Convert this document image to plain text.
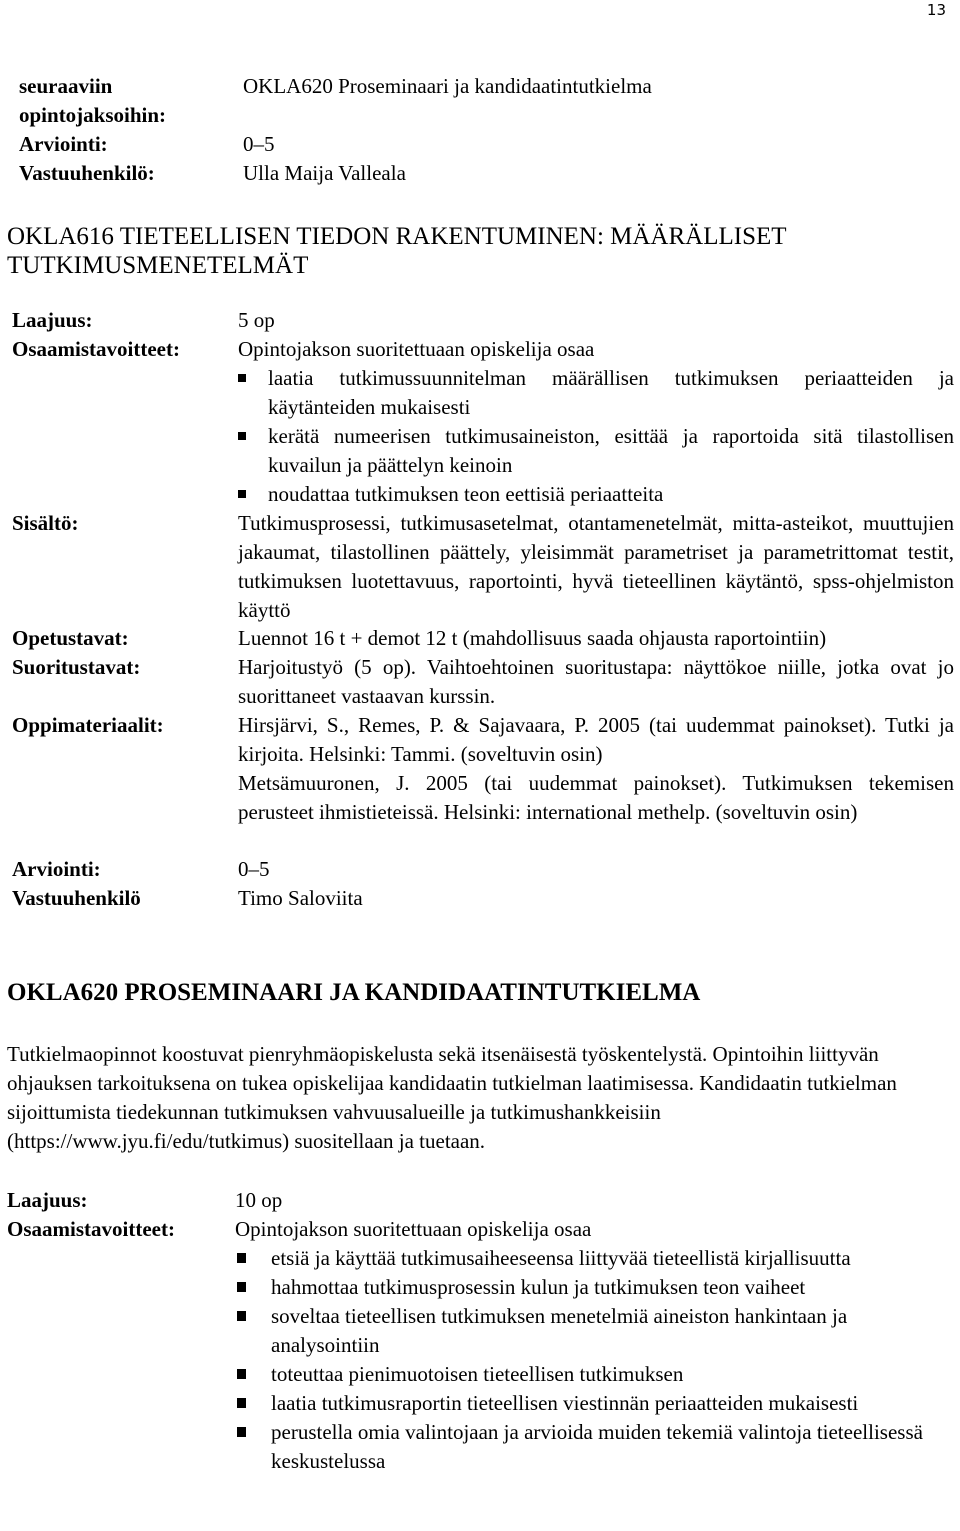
13
seuraaviin opintojaksoihin:
OKLA620 Proseminaari ja kandidaatintutkielma
Arviointi:	0–5
Vastuuhenkilö:	Ulla Maija Valleala
OKLA616 TIETEELLISEN TIEDON RAKENTUMINEN: MÄÄRÄLLISET TUTKIMUSMENETELMÄT
Laajuus:	5 op
Osaamistavoitteet:	Opintojakson suoritettuaan opiskelija osaa
laatia tutkimussuunnitelman määrällisen tutkimuksen periaatteiden ja käytänteiden mukaisesti
kerätä numeerisen tutkimusaineiston, esittää ja raportoida sitä tilastollisen kuvailun ja päättelyn keinoin
noudattaa tutkimuksen teon eettisiä periaatteita
Sisältö:	Tutkimusprosessi, tutkimusasetelmat, otantamenetelmät, mitta-asteikot, muuttujien jakaumat, tilastollinen päättely, yleisimmät parametriset ja parametrittomat testit, tutkimuksen luotettavuus, raportointi, hyvä tieteellinen käytäntö, spss-ohjelmiston käyttö
Opetustavat:	Luennot 16 t + demot 12 t (mahdollisuus saada ohjausta raportointiin)
Suoritustavat:	Harjoitustyö (5 op). Vaihtoehtoinen suoritustapa: näyttökoe niille, jotka ovat jo suorittaneet vastaavan kurssin.
Oppimateriaalit:	Hirsjärvi, S., Remes, P. & Sajavaara, P. 2005 (tai uudemmat painokset). Tutki ja kirjoita. Helsinki: Tammi. (soveltuvin osin)
Metsämuuronen, J. 2005 (tai uudemmat painokset). Tutkimuksen tekemisen perusteet ihmistieteissä. Helsinki: international methelp. (soveltuvin osin)
Arviointi:	0–5
Vastuuhenkilö	Timo Saloviita
OKLA620 PROSEMINAARI JA KANDIDAATINTUTKIELMA
Tutkielmaopinnot koostuvat pienryhmäopiskelusta sekä itsenäisestä työskentelystä. Opintoihin liittyvän ohjauksen tarkoituksena on tukea opiskelijaa kandidaatin tutkielman laatimisessa. Kandidaatin tutkielman sijoittumista tiedekunnan tutkimuksen vahvuusalueille ja tutkimushankkeisiin (https://www.jyu.fi/edu/tutkimus) suositellaan ja tuetaan.
Laajuus:	10 op
Osaamistavoitteet:	Opintojakson suoritettuaan opiskelija osaa
etsiä ja käyttää tutkimusaiheeseensa liittyvää tieteellistä kirjallisuutta
hahmottaa tutkimusprosessin kulun ja tutkimuksen teon vaiheet
soveltaa tieteellisen tutkimuksen menetelmiä aineiston hankintaan ja analysointiin
toteuttaa pienimuotoisen tieteellisen tutkimuksen
laatia tutkimusraportin tieteellisen viestinnän periaatteiden mukaisesti
perustella omia valintojaan ja arvioida muiden tekemiä valintoja tieteellisessä keskustelussa
